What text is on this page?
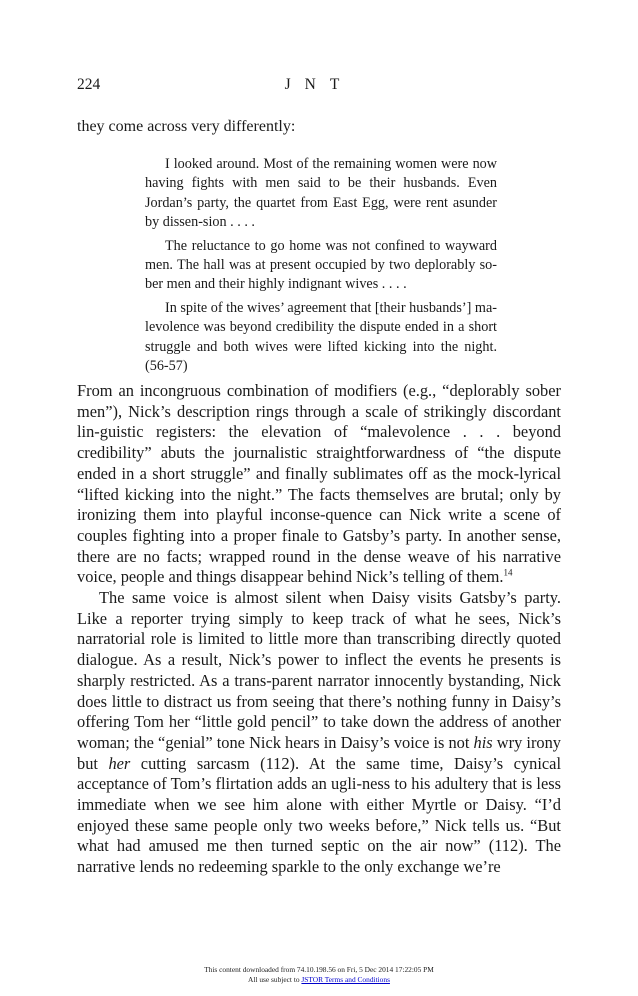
224	JNT

they come across very differently:

I looked around. Most of the remaining women were now having fights with men said to be their husbands. Even Jordan’s party, the quartet from East Egg, were rent asunder by dissen-sion . . . .

The reluctance to go home was not confined to wayward men. The hall was at present occupied by two deplorably so-ber men and their highly indignant wives . . . .

In spite of the wives’ agreement that [their husbands’] ma-levolence was beyond credibility the dispute ended in a short struggle and both wives were lifted kicking into the night. (56-57)

From an incongruous combination of modifiers (e.g., “deplorably sober men”), Nick’s description rings through a scale of strikingly discordant lin-guistic registers: the elevation of “malevolence . . . beyond credibility” abuts the journalistic straightforwardness of “the dispute ended in a short struggle” and finally sublimates off as the mock-lyrical “lifted kicking into the night.” The facts themselves are brutal; only by ironizing them into playful inconse-quence can Nick write a scene of couples fighting into a proper finale to Gatsby’s party. In another sense, there are no facts; wrapped round in the dense weave of his narrative voice, people and things disappear behind Nick’s telling of them.$^{14}$

The same voice is almost silent when Daisy visits Gatsby’s party. Like a reporter trying simply to keep track of what he sees, Nick’s narratorial role is limited to little more than transcribing directly quoted dialogue. As a result, Nick’s power to inflect the events he presents is sharply restricted. As a trans-parent narrator innocently bystanding, Nick does little to distract us from seeing that there’s nothing funny in Daisy’s offering Tom her “little gold pencil” to take down the address of another woman; the “genial” tone Nick hears in Daisy’s voice is not his wry irony but her cutting sarcasm (112). At the same time, Daisy’s cynical acceptance of Tom’s flirtation adds an ugli-ness to his adultery that is less immediate when we see him alone with either Myrtle or Daisy. “I’d enjoyed these same people only two weeks before,” Nick tells us. “But what had amused me then turned septic on the air now” (112). The narrative lends no redeeming sparkle to the only exchange we’re

This content downloaded from 74.10.198.56 on Fri, 5 Dec 2014 17:22:05 PM
All use subject to JSTOR Terms and Conditions
